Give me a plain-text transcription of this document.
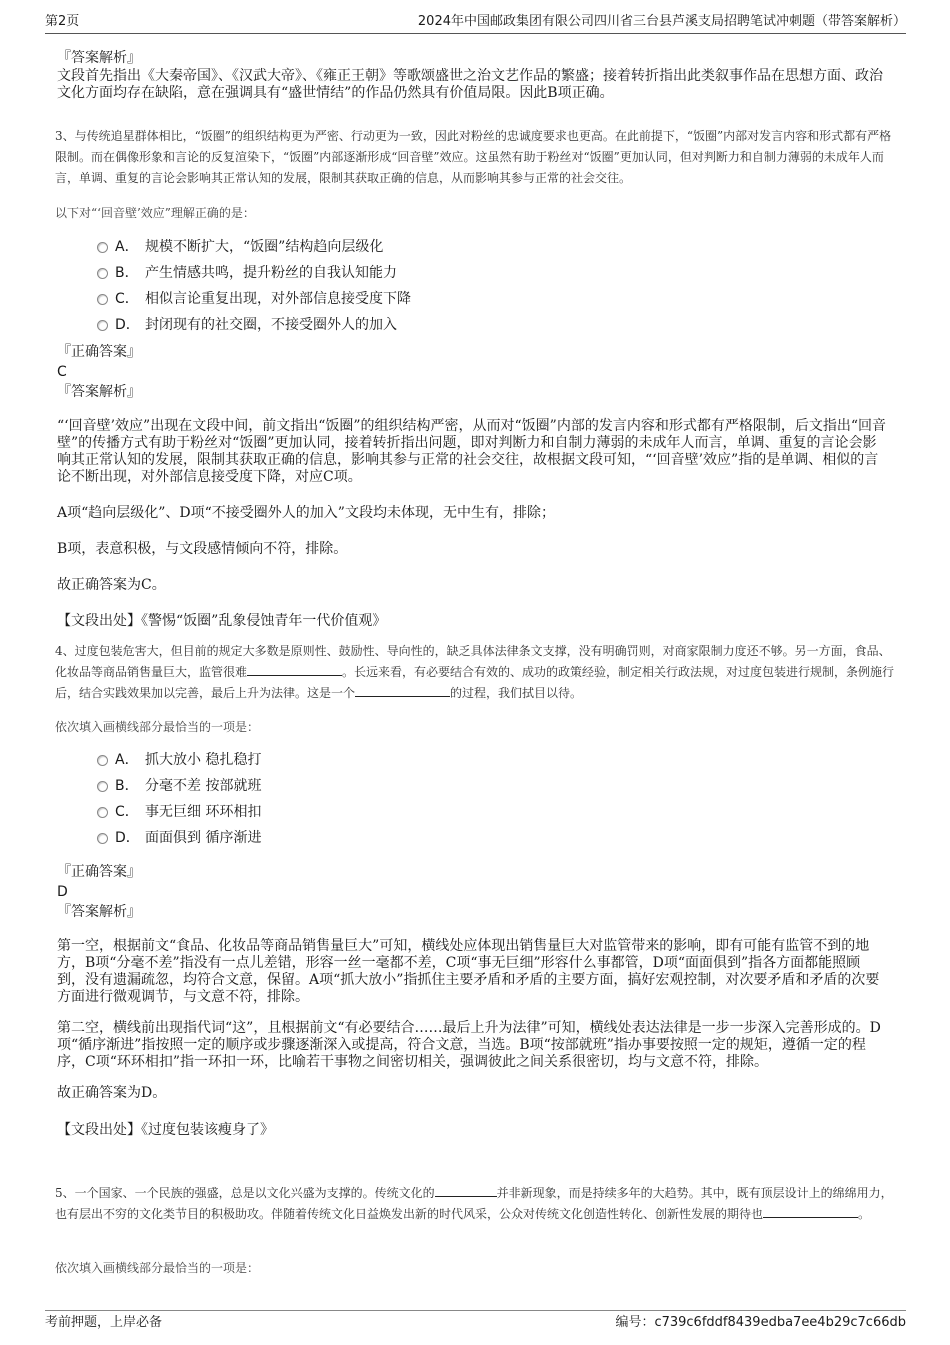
第2页	2024年中国邮政集团有限公司四川省三台县芦溪支局招聘笔试冲刺题（带答案解析）
『答案解析』

文段首先指出《大秦帝国》、《汉武大帝》、《雍正王朝》等歌颂盛世之治文艺作品的繁盛；接着转折指出此类叙事作品在思想方面、政治文化方面均存在缺陷，意在强调具有“盛世情结”的作品仍然具有价值局限。因此B项正确。

3、与传统追星群体相比，“饭圈”的组织结构更为严密、行动更为一致，因此对粉丝的忠诚度要求也更高。在此前提下，“饭圈”内部对发言内容和形式都有严格限制。而在偶像形象和言论的反复渲染下，“饭圈”内部逐渐形成“回音壁”效应。这虽然有助于粉丝对“饭圈”更加认同，但对判断力和自制力薄弱的未成年人而言，单调、重复的言论会影响其正常认知的发展，限制其获取正确的信息，从而影响其参与正常的社会交往。
以下对“‘回音壁’效应”理解正确的是：
A． 规模不断扩大，“饭圈”结构趋向层级化
B． 产生情感共鸣，提升粉丝的自我认知能力
C． 相似言论重复出现，对外部信息接受度下降
D． 封闭现有的社交圈，不接受圈外人的加入
『正确答案』
C
『答案解析』

“‘回音壁’效应”出现在文段中间，前文指出“饭圈”的组织结构严密，从而对“饭圈”内部的发言内容和形式都有严格限制，后文指出“回音壁”的传播方式有助于粉丝对“饭圈”更加认同，接着转折指出问题，即对判断力和自制力薄弱的未成年人而言，单调、重复的言论会影响其正常认知的发展，限制其获取正确的信息，影响其参与正常的社会交往，故根据文段可知，“‘回音壁’效应”指的是单调、相似的言论不断出现，对外部信息接受度下降，对应C项。

A项“趋向层级化”、D项“不接受圈外人的加入”文段均未体现，无中生有，排除；

B项，表意积极，与文段感情倾向不符，排除。

故正确答案为C。

【文段出处】《警惕“饭圈”乱象侵蚀青年一代价值观》

4、过度包装危害大，但目前的规定大多数是原则性、鼓励性、导向性的，缺乏具体法律条文支撑，没有明确罚则，对商家限制力度还不够。另一方面，食品、化妆品等商品销售量巨大，监管很难	。长远来看，有必要结合有效的、成功的政策经验，制定相关行政法规，对过度包装进行规制，条例施行后，结合实践效果加以完善，最后上升为法律。这是一个	的过程，我们拭目以待。
依次填入画横线部分最恰当的一项是：
A． 抓大放小 稳扎稳打
B． 分毫不差 按部就班
C． 事无巨细 环环相扣
D． 面面俱到 循序渐进
『正确答案』
D
『答案解析』

第一空，根据前文“食品、化妆品等商品销售量巨大”可知，横线处应体现出销售量巨大对监管带来的影响，即有可能有监管不到的地方，B项“分毫不差”指没有一点儿差错，形容一丝一毫都不差，C项“事无巨细”形容什么事都管，D项“面面俱到”指各方面都能照顾到，没有遗漏疏忽，均符合文意，保留。A项“抓大放小”指抓住主要矛盾和矛盾的主要方面，搞好宏观控制，对次要矛盾和矛盾的次要方面进行微观调节，与文意不符，排除。

第二空，横线前出现指代词“这”，且根据前文“有必要结合……最后上升为法律”可知，横线处表达法律是一步一步深入完善形成的。D项“循序渐进”指按照一定的顺序或步骤逐渐深入或提高，符合文意，当选。B项“按部就班”指办事要按照一定的规矩，遵循一定的程序，C项“环环相扣”指一环扣一环，比喻若干事物之间密切相关，强调彼此之间关系很密切，均与文意不符，排除。

故正确答案为D。

【文段出处】《过度包装该瘦身了》

5、一个国家、一个民族的强盛，总是以文化兴盛为支撑的。传统文化的	并非新现象，而是持续多年的大趋势。其中，既有顶层设计上的绵绵用力，也有层出不穷的文化类节目的积极助攻。伴随着传统文化日益焕发出新的时代风采，公众对传统文化创造性转化、创新性发展的期待也	。
依次填入画横线部分最恰当的一项是：
考前押题，上岸必备	编号：c739c6fddf8439edba7ee4b29c7c66db
